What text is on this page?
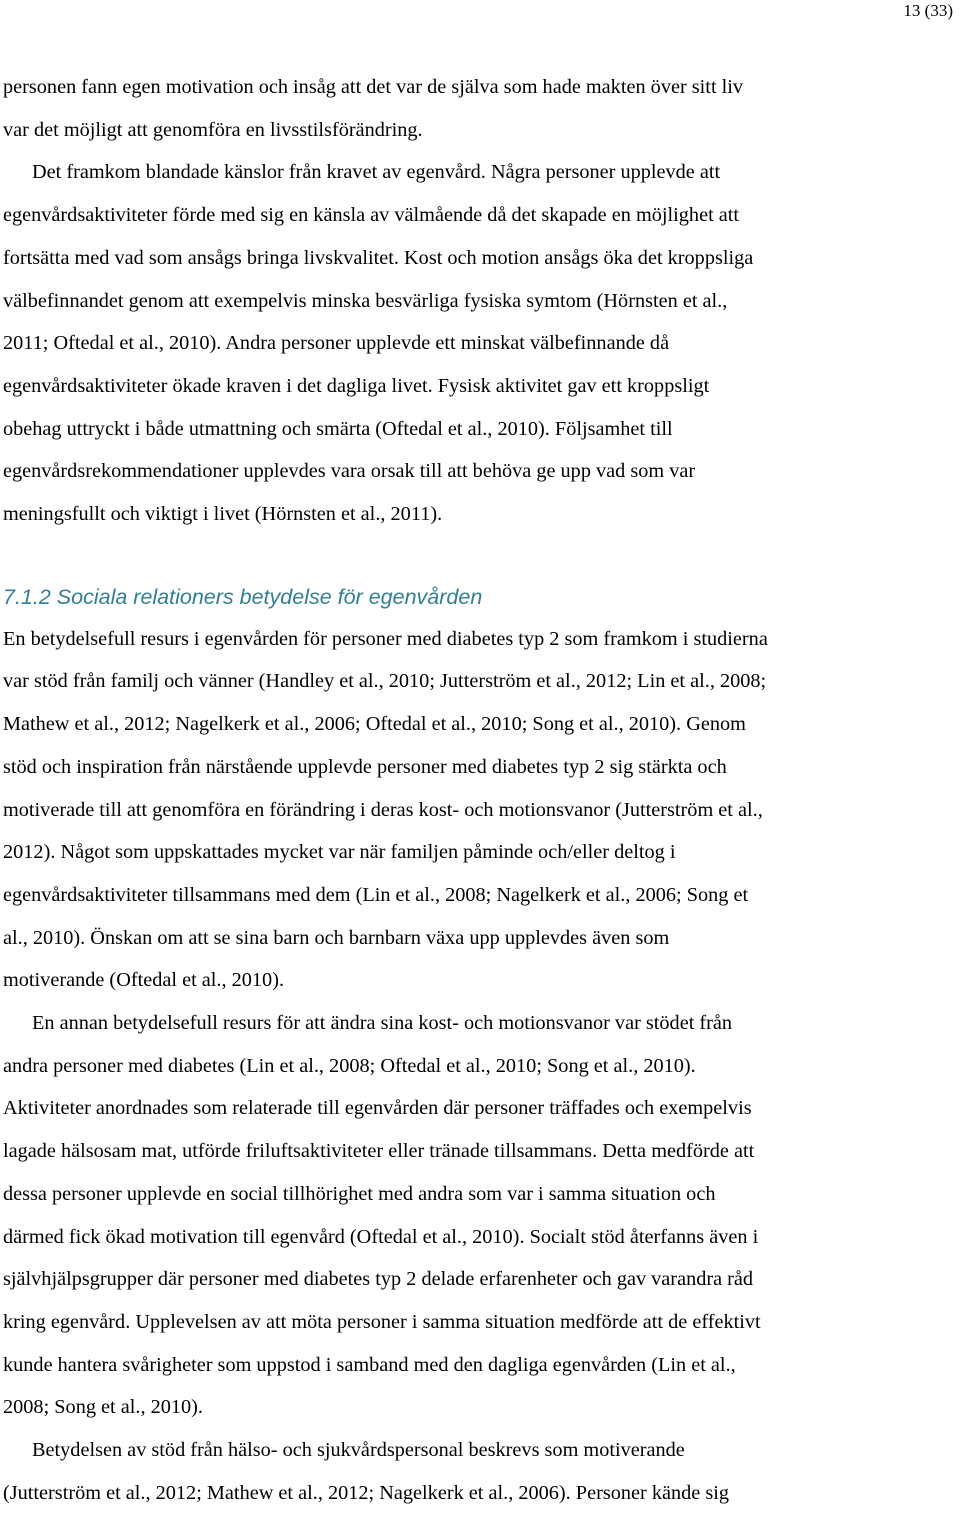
13 (33)

personen fann egen motivation och insåg att det var de själva som hade makten över sitt liv
var det möjligt att genomföra en livsstilsförändring.

Det framkom blandade känslor från kravet av egenvård. Några personer upplevde att
egenvårdsaktiviteter förde med sig en känsla av välmående då det skapade en möjlighet att
fortsätta med vad som ansågs bringa livskvalitet. Kost och motion ansågs öka det kroppsliga
välbefinnandet genom att exempelvis minska besvärliga fysiska symtom (Hörnsten et al.,
2011; Oftedal et al., 2010). Andra personer upplevde ett minskat välbefinnande då
egenvårdsaktiviteter ökade kraven i det dagliga livet. Fysisk aktivitet gav ett kroppsligt
obehag uttryckt i både utmattning och smärta (Oftedal et al., 2010). Följsamhet till
egenvårdsrekommendationer upplevdes vara orsak till att behöva ge upp vad som var
meningsfullt och viktigt i livet (Hörnsten et al., 2011).

7.1.2 Sociala relationers betydelse för egenvården

En betydelsefull resurs i egenvården för personer med diabetes typ 2 som framkom i studierna
var stöd från familj och vänner (Handley et al., 2010; Jutterström et al., 2012; Lin et al., 2008;
Mathew et al., 2012; Nagelkerk et al., 2006; Oftedal et al., 2010; Song et al., 2010). Genom
stöd och inspiration från närstående upplevde personer med diabetes typ 2 sig stärkta och
motiverade till att genomföra en förändring i deras kost- och motionsvanor (Jutterström et al.,
2012). Något som uppskattades mycket var när familjen påminde och/eller deltog i
egenvårdsaktiviteter tillsammans med dem (Lin et al., 2008; Nagelkerk et al., 2006; Song et
al., 2010). Önskan om att se sina barn och barnbarn växa upp upplevdes även som
motiverande (Oftedal et al., 2010).

En annan betydelsefull resurs för att ändra sina kost- och motionsvanor var stödet från
andra personer med diabetes (Lin et al., 2008; Oftedal et al., 2010; Song et al., 2010).
Aktiviteter anordnades som relaterade till egenvården där personer träffades och exempelvis
lagade hälsosam mat, utförde friluftsaktiviteter eller tränade tillsammans. Detta medförde att
dessa personer upplevde en social tillhörighet med andra som var i samma situation och
därmed fick ökad motivation till egenvård (Oftedal et al., 2010). Socialt stöd återfanns även i
självhjälpsgrupper där personer med diabetes typ 2 delade erfarenheter och gav varandra råd
kring egenvård. Upplevelsen av att möta personer i samma situation medförde att de effektivt
kunde hantera svårigheter som uppstod i samband med den dagliga egenvården (Lin et al.,
2008; Song et al., 2010).

Betydelsen av stöd från hälso- och sjukvårdspersonal beskrevs som motiverande
(Jutterström et al., 2012; Mathew et al., 2012; Nagelkerk et al., 2006). Personer kände sig
